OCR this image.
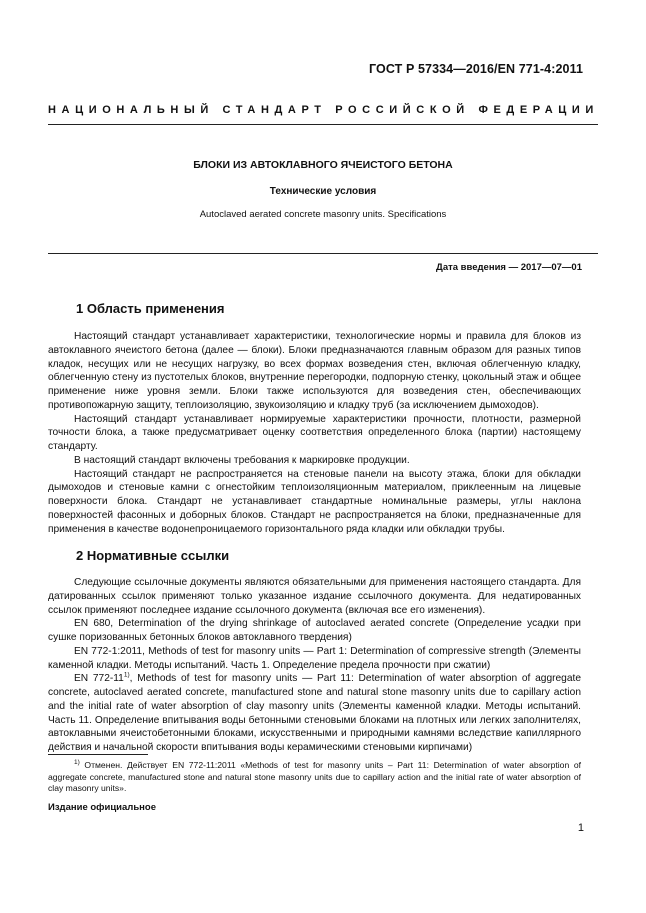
ГОСТ Р 57334—2016/EN 771-4:2011
НАЦИОНАЛЬНЫЙ СТАНДАРТ РОССИЙСКОЙ ФЕДЕРАЦИИ
БЛОКИ ИЗ АВТОКЛАВНОГО ЯЧЕИСТОГО БЕТОНА
Технические условия
Autoclaved aerated concrete masonry units. Specifications
Дата введения — 2017—07—01
1 Область применения

Настоящий стандарт устанавливает характеристики, технологические нормы и правила для блоков из автоклавного ячеистого бетона (далее — блоки). Блоки предназначаются главным образом для разных типов кладок, несущих или не несущих нагрузку, во всех формах возведения стен, включая облегченную кладку, облегченную стену из пустотелых блоков, внутренние перегородки, подпорную стенку, цокольный этаж и общее применение ниже уровня земли. Блоки также используются для возведения стен, обеспечивающих противопожарную защиту, теплоизоляцию, звукоизоляцию и кладку труб (за исключением дымоходов).

Настоящий стандарт устанавливает нормируемые характеристики прочности, плотности, размерной точности блока, а также предусматривает оценку соответствия определенного блока (партии) настоящему стандарту.

В настоящий стандарт включены требования к маркировке продукции.

Настоящий стандарт не распространяется на стеновые панели на высоту этажа, блоки для обкладки дымоходов и стеновые камни с огнестойким теплоизоляционным материалом, приклеенным на лицевые поверхности блока. Стандарт не устанавливает стандартные номинальные размеры, углы наклона поверхностей фасонных и доборных блоков. Стандарт не распространяется на блоки, предназначенные для применения в качестве водонепроницаемого горизонтального ряда кладки или обкладки трубы.

2 Нормативные ссылки

Следующие ссылочные документы являются обязательными для применения настоящего стандарта. Для датированных ссылок применяют только указанное издание ссылочного документа. Для недатированных ссылок применяют последнее издание ссылочного документа (включая все его изменения).

EN 680, Determination of the drying shrinkage of autoclaved aerated concrete (Определение усадки при сушке поризованных бетонных блоков автоклавного твердения)

EN 772-1:2011, Methods of test for masonry units — Part 1: Determination of compressive strength (Элементы каменной кладки. Методы испытаний. Часть 1. Определение предела прочности при сжатии)

EN 772-11$^{1)}$, Methods of test for masonry units — Part 11: Determination of water absorption of aggregate concrete, autoclaved aerated concrete, manufactured stone and natural stone masonry units due to capillary action and the initial rate of water absorption of clay masonry units (Элементы каменной кладки. Методы испытаний. Часть 11. Определение впитывания воды бетонными стеновыми блоками на плотных или легких заполнителях, автоклавными ячеистобетонными блоками, искусственными и природными камнями вследствие капиллярного действия и начальной скорости впитывания воды керамическими стеновыми кирпичами)

$^{1)}$ Отменен. Действует EN 772-11:2011 «Methods of test for masonry units – Part 11: Determination of water absorption of aggregate concrete, manufactured stone and natural stone masonry units due to capillary action and the initial rate of water absorption of clay masonry units».
Издание официальное
1
